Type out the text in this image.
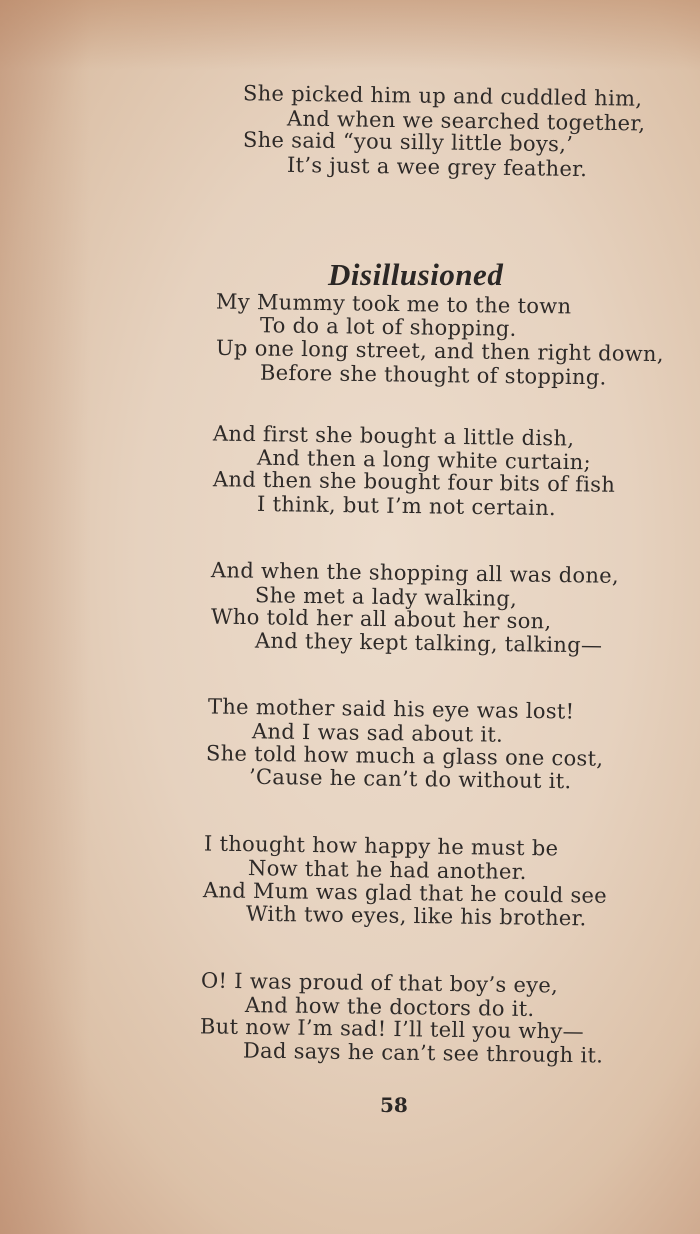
She picked him up and cuddled him,

And when we searched together,

She said “you silly little boys,’

It’s just a wee grey feather.

Disillusioned

My Mummy took me to the town

To do a lot of shopping.

Up one long street, and then right down,

Before she thought of stopping.

And first she bought a little dish,

And then a long white curtain;

And then she bought four bits of fish

I think, but I’m not certain.

And when the shopping all was done,

She met a lady walking,

Who told her all about her son,

And they kept talking, talking—

The mother said his eye was lost!

And I was sad about it.

She told how much a glass one cost,

’Cause he can’t do without it.

I thought how happy he must be

Now that he had another.

And Mum was glad that he could see

With two eyes, like his brother.

O! I was proud of that boy’s eye,

And how the doctors do it.

But now I’m sad! I’ll tell you why—

Dad says he can’t see through it.

58
